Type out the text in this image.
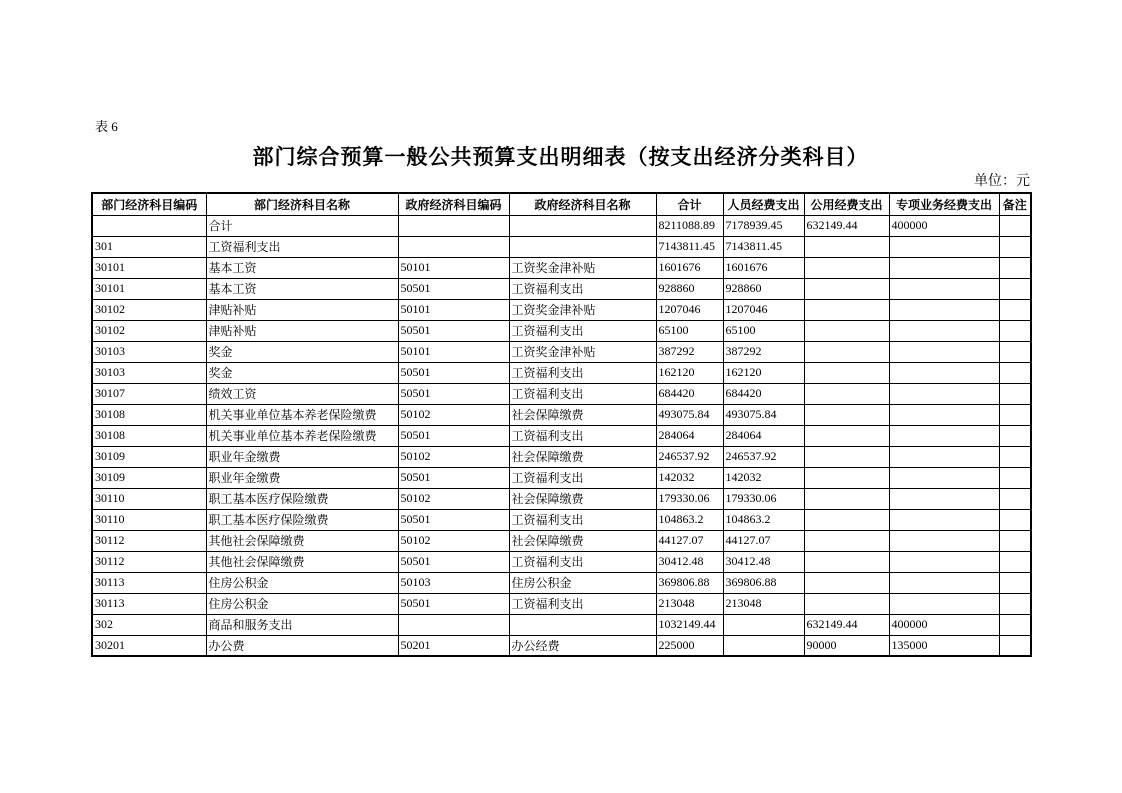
表 6
部门综合预算一般公共预算支出明细表（按支出经济分类科目）
单位：元
部门经济科目编码	部门经济科目名称	政府经济科目编码	政府经济科目名称	合计	人员经费支出	公用经费支出	专项业务经费支出	备注
	合计			8211088.89	7178939.45	632149.44	400000	
301	工资福利支出			7143811.45	7143811.45			
30101	基本工资	50101	工资奖金津补贴	1601676	1601676			
30101	基本工资	50501	工资福利支出	928860	928860			
30102	津贴补贴	50101	工资奖金津补贴	1207046	1207046			
30102	津贴补贴	50501	工资福利支出	65100	65100			
30103	奖金	50101	工资奖金津补贴	387292	387292			
30103	奖金	50501	工资福利支出	162120	162120			
30107	绩效工资	50501	工资福利支出	684420	684420			
30108	机关事业单位基本养老保险缴费	50102	社会保障缴费	493075.84	493075.84			
30108	机关事业单位基本养老保险缴费	50501	工资福利支出	284064	284064			
30109	职业年金缴费	50102	社会保障缴费	246537.92	246537.92			
30109	职业年金缴费	50501	工资福利支出	142032	142032			
30110	职工基本医疗保险缴费	50102	社会保障缴费	179330.06	179330.06			
30110	职工基本医疗保险缴费	50501	工资福利支出	104863.2	104863.2			
30112	其他社会保障缴费	50102	社会保障缴费	44127.07	44127.07			
30112	其他社会保障缴费	50501	工资福利支出	30412.48	30412.48			
30113	住房公积金	50103	住房公积金	369806.88	369806.88			
30113	住房公积金	50501	工资福利支出	213048	213048			
302	商品和服务支出			1032149.44		632149.44	400000	
30201	办公费	50201	办公经费	225000		90000	135000	
